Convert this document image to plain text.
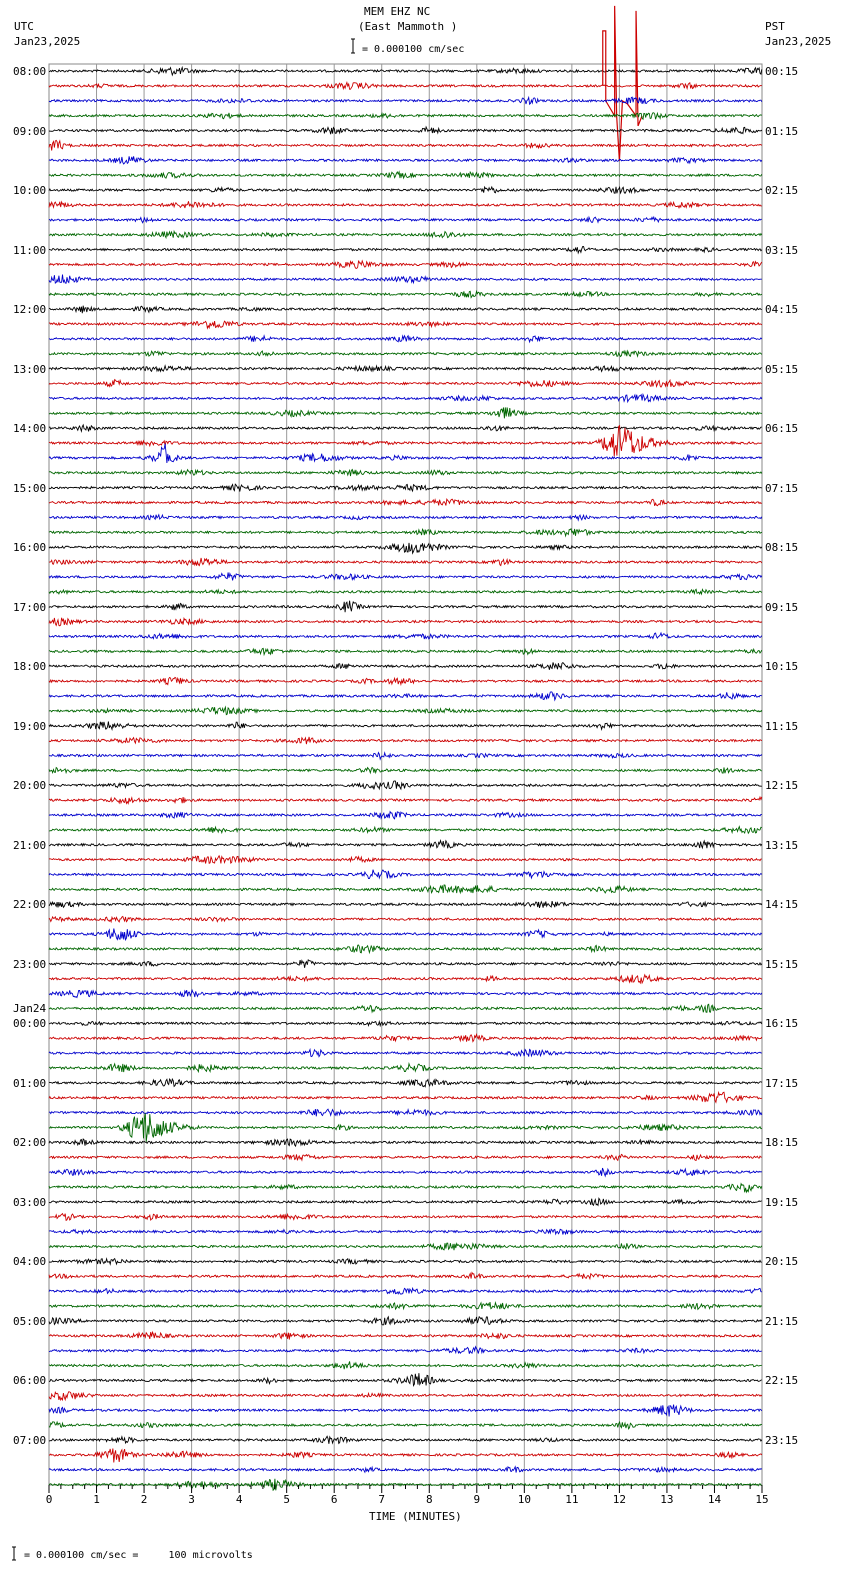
0	1	2	3	4	5	6	7	8	9	10	11	12	13	14	15
MEM EHZ NC
(East Mammoth )
= 0.000100 cm/sec
UTC
Jan23,2025
PST
Jan23,2025
TIME (MINUTES)
= 0.000100 cm/sec =     100 microvolts
08:00
09:00
10:00
11:00
12:00
13:00
14:00
15:00
16:00
17:00
18:00
19:00
20:00
21:00
22:00
23:00
00:00
Jan24
01:00
02:00
03:00
04:00
05:00
06:00
07:00
00:15
01:15
02:15
03:15
04:15
05:15
06:15
07:15
08:15
09:15
10:15
11:15
12:15
13:15
14:15
15:15
16:15
17:15
18:15
19:15
20:15
21:15
22:15
23:15
